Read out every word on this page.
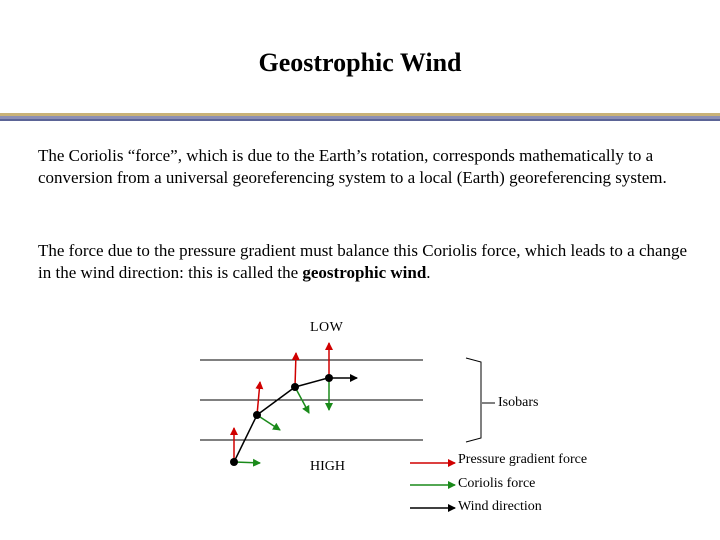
Geostrophic Wind
The Coriolis “force”, which is due to the Earth’s rotation, corresponds mathematically to a conversion from a universal georeferencing system to a local (Earth) georeferencing system.
The force due to the pressure gradient must balance this Coriolis force, which leads to a change in the wind direction: this is called the geostrophic wind.
LOW
HIGH
Isobars
Pressure gradient force
Coriolis force
Wind direction
